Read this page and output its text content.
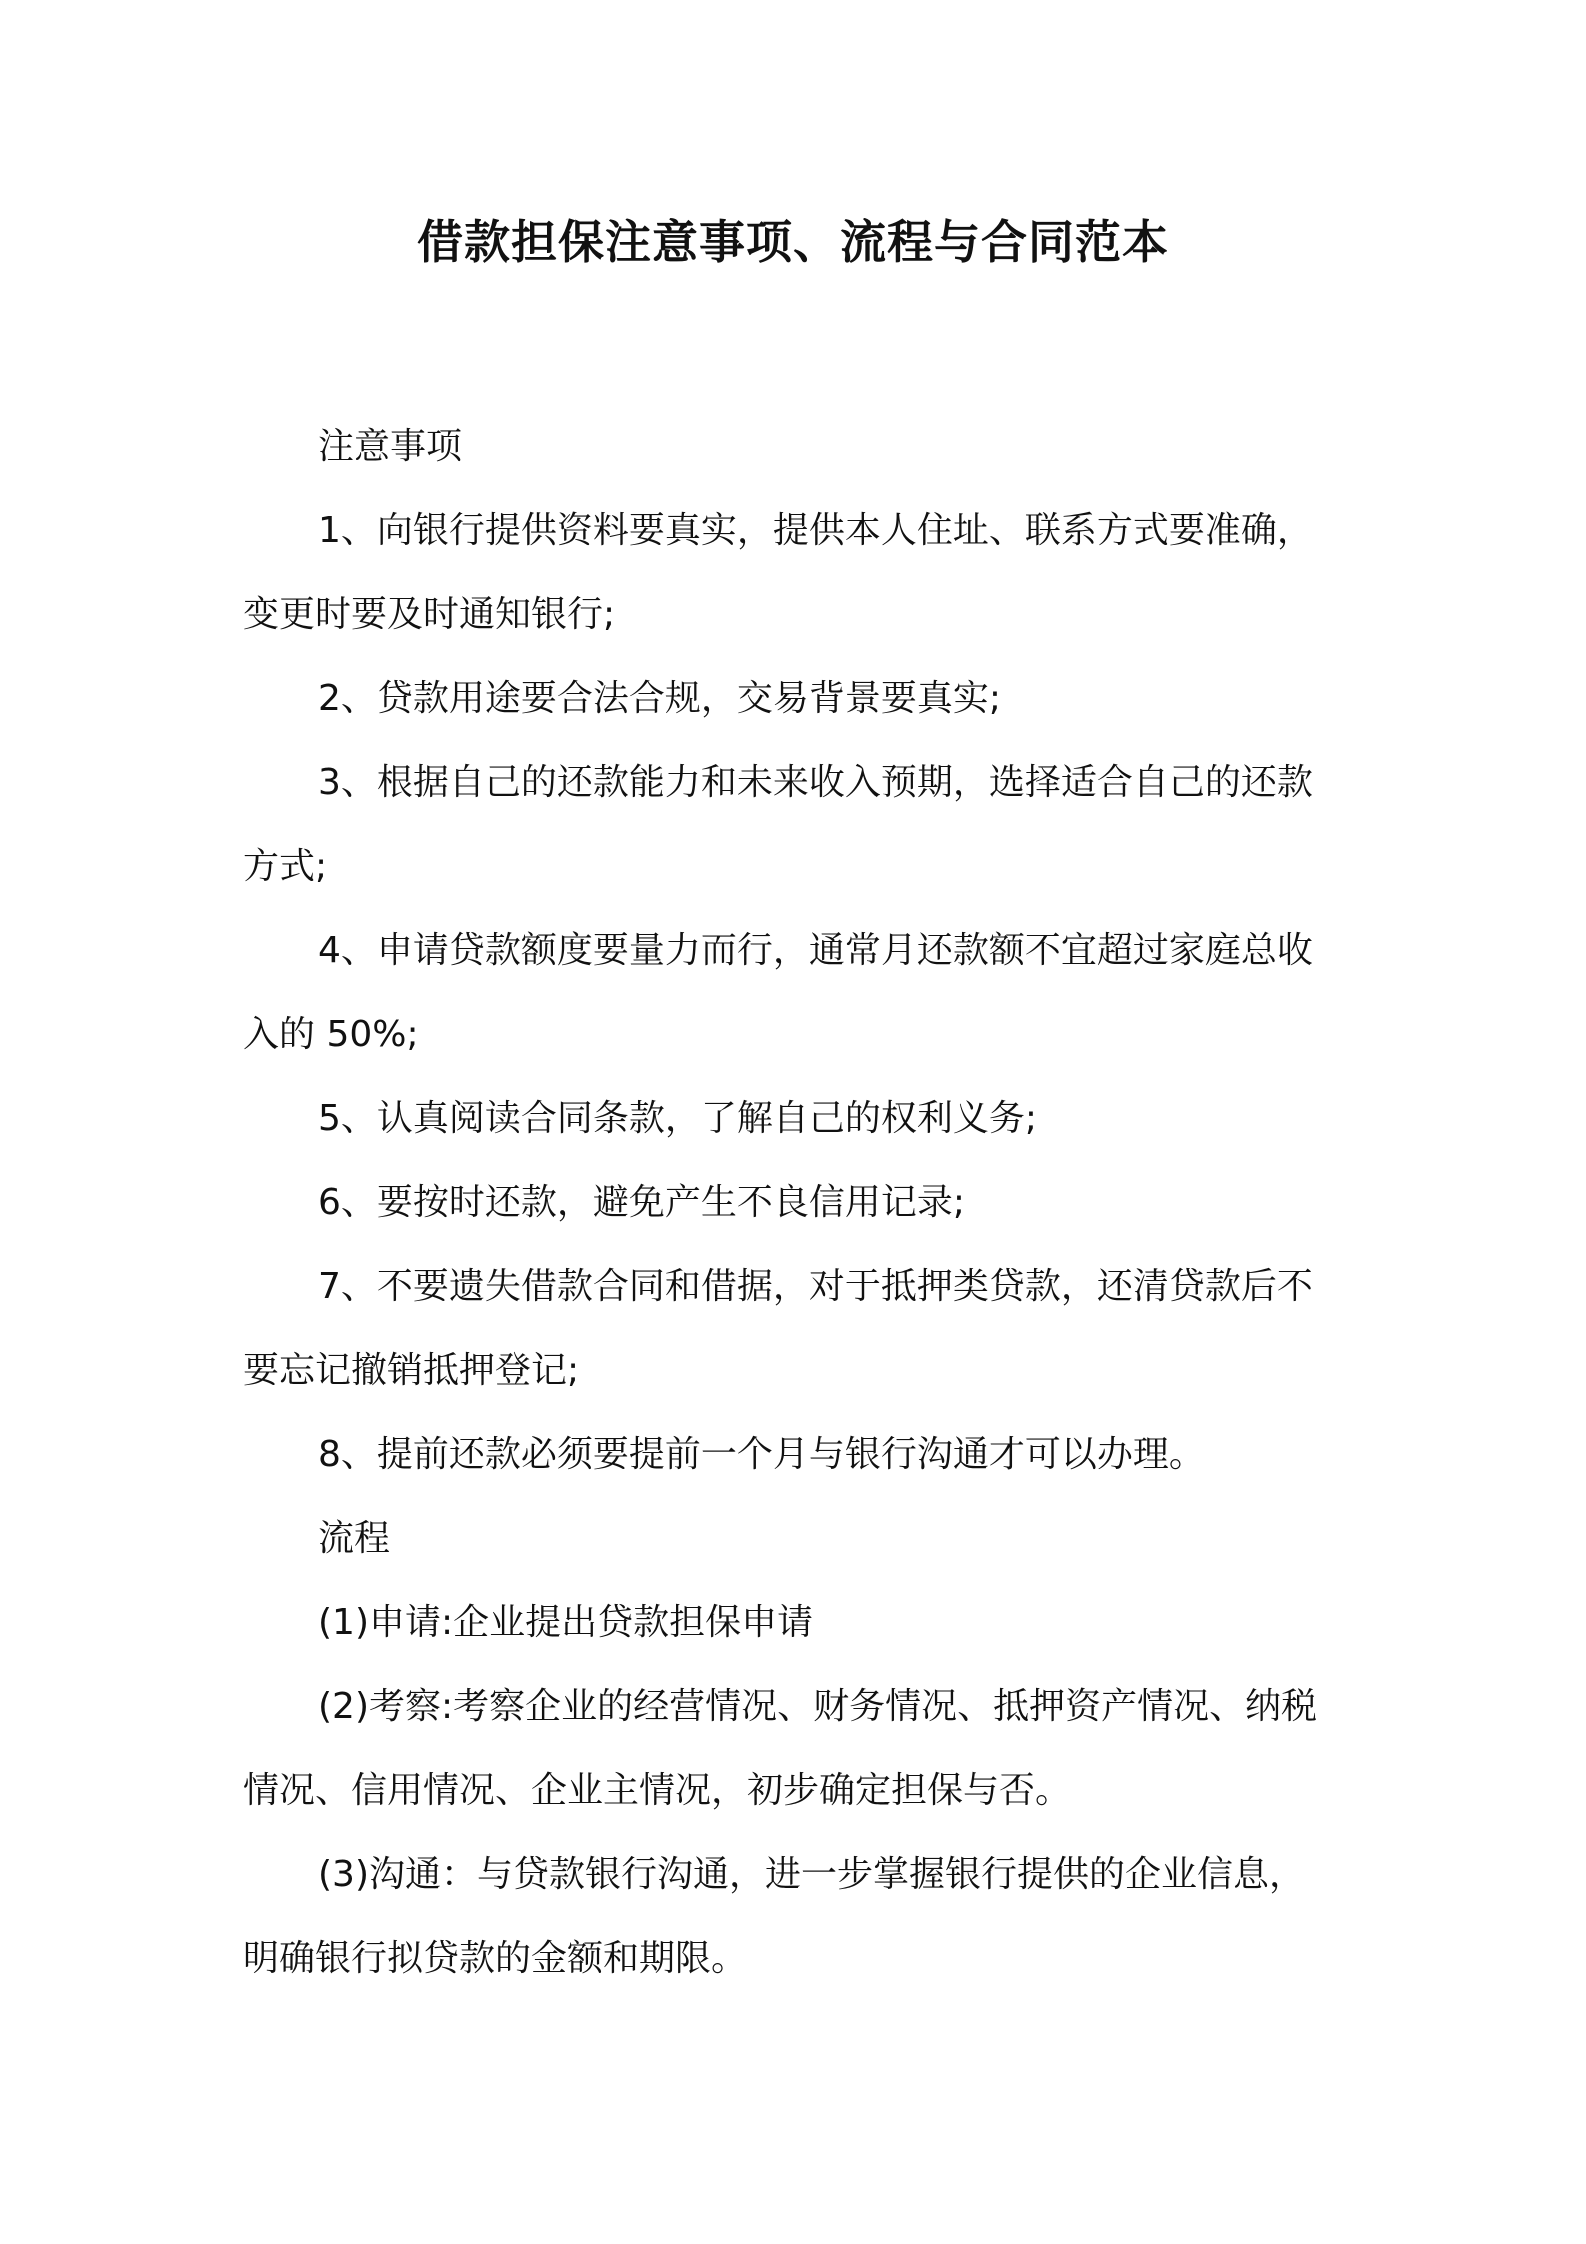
借款担保注意事项、流程与合同范本

注意事项

1、向银行提供资料要真实，提供本人住址、联系方式要准确，
变更时要及时通知银行;

2、贷款用途要合法合规，交易背景要真实;

3、根据自己的还款能力和未来收入预期，选择适合自己的还款
方式;

4、申请贷款额度要量力而行，通常月还款额不宜超过家庭总收
入的 50%;

5、认真阅读合同条款，了解自己的权利义务;

6、要按时还款，避免产生不良信用记录;

7、不要遗失借款合同和借据，对于抵押类贷款，还清贷款后不
要忘记撤销抵押登记;

8、提前还款必须要提前一个月与银行沟通才可以办理。

流程

(1)申请:企业提出贷款担保申请

(2)考察:考察企业的经营情况、财务情况、抵押资产情况、纳税
情况、信用情况、企业主情况，初步确定担保与否。

(3)沟通：与贷款银行沟通，进一步掌握银行提供的企业信息，
明确银行拟贷款的金额和期限。
